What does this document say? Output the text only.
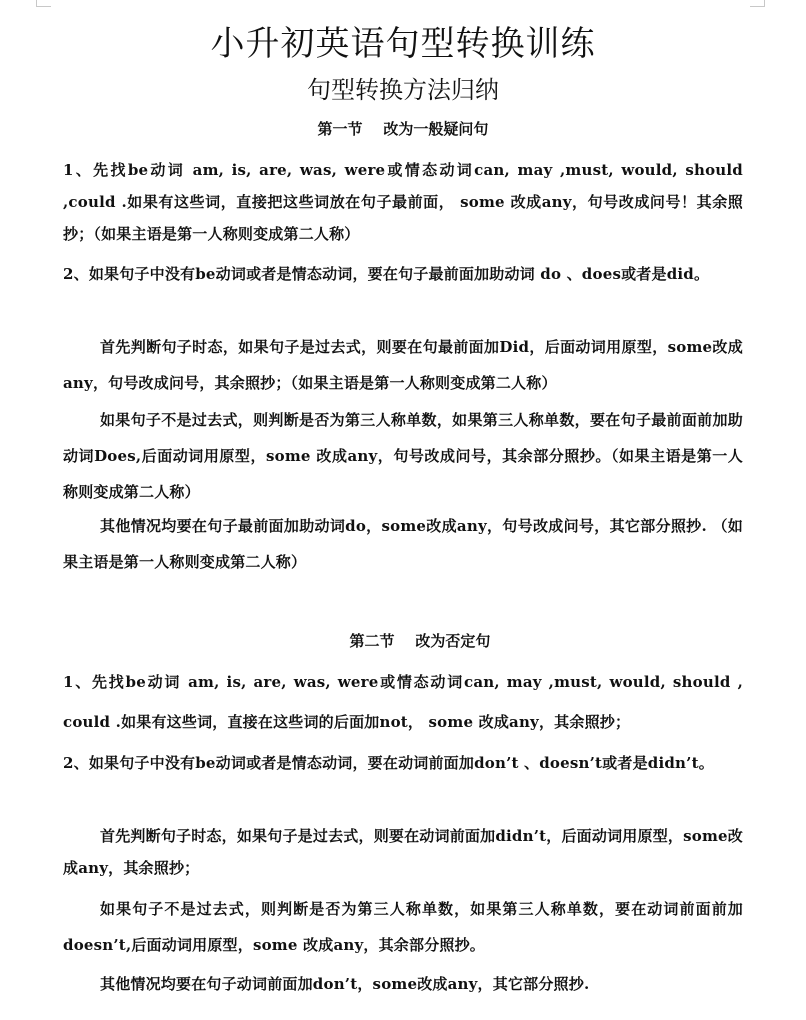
小升初英语句型转换训练
句型转换方法归纳
第一节    改为一般疑问句

1、先找be动词 am, is, are, was, were或情态动词can, may ,must, would, should ,could .如果有这些词，直接把这些词放在句子最前面， some 改成any，句号改成问号！其余照抄；（如果主语是第一人称则变成第二人称）

2、如果句子中没有be动词或者是情态动词，要在句子最前面加助动词 do 、does或者是did。

首先判断句子时态，如果句子是过去式，则要在句最前面加Did，后面动词用原型，some改成any，句号改成问号，其余照抄；（如果主语是第一人称则变成第二人称）

如果句子不是过去式，则判断是否为第三人称单数，如果第三人称单数，要在句子最前面前加助动词Does,后面动词用原型，some 改成any，句号改成问号，其余部分照抄。（如果主语是第一人称则变成第二人称）

其他情况均要在句子最前面加助动词do，some改成any，句号改成问号，其它部分照抄. （如果主语是第一人称则变成第二人称）

第二节    改为否定句

1、先找be动词 am, is, are, was, were或情态动词can, may ,must, would, should , could .如果有这些词，直接在这些词的后面加not， some 改成any，其余照抄；

2、如果句子中没有be动词或者是情态动词，要在动词前面加don’t 、doesn’t或者是didn’t。

首先判断句子时态，如果句子是过去式，则要在动词前面加didn’t，后面动词用原型，some改成any，其余照抄；

如果句子不是过去式，则判断是否为第三人称单数，如果第三人称单数，要在动词前面前加doesn’t,后面动词用原型，some 改成any，其余部分照抄。

其他情况均要在句子动词前面加don’t，some改成any，其它部分照抄.
